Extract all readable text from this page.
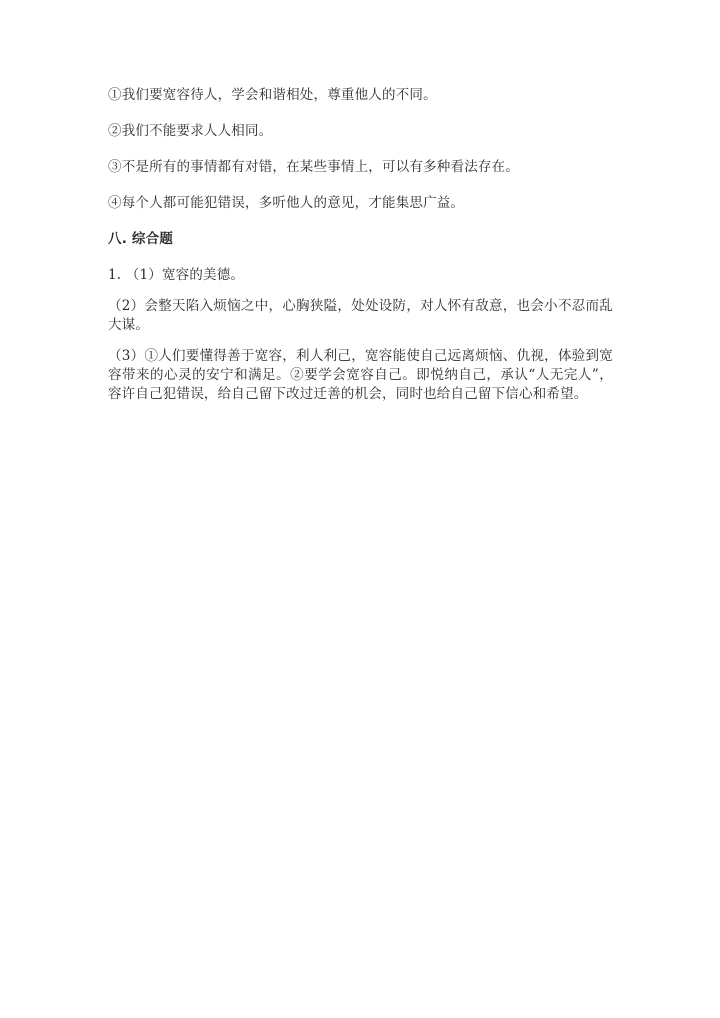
①我们要宽容待人，学会和谐相处，尊重他人的不同。

②我们不能要求人人相同。

③不是所有的事情都有对错，在某些事情上，可以有多种看法存在。

④每个人都可能犯错误，多听他人的意见，才能集思广益。

八. 综合题

1. （1）宽容的美德。

（2）会整天陷入烦恼之中，心胸狭隘，处处设防，对人怀有敌意，也会小不忍而乱大谋。

（3）①人们要懂得善于宽容，利人利己，宽容能使自己远离烦恼、仇视，体验到宽容带来的心灵的安宁和满足。②要学会宽容自己。即悦纳自己，承认“人无完人”，容许自己犯错误，给自己留下改过迁善的机会，同时也给自己留下信心和希望。
